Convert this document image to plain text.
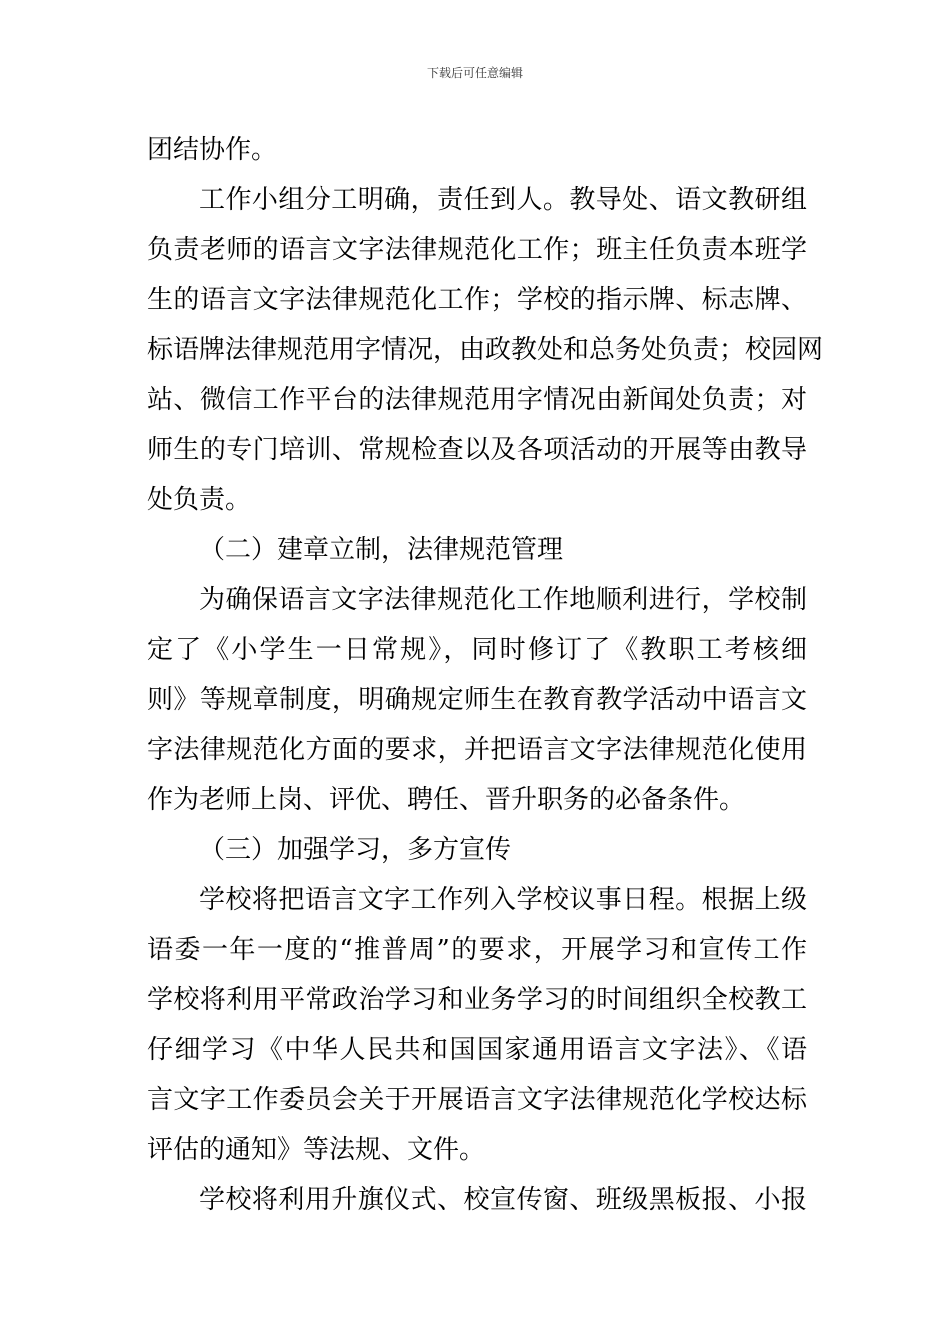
下载后可任意编辑
团结协作。
工作小组分工明确，责任到人。教导处、语文教研组
负责老师的语言文字法律规范化工作；班主任负责本班学
生的语言文字法律规范化工作；学校的指示牌、标志牌、
标语牌法律规范用字情况，由政教处和总务处负责；校园网
站、微信工作平台的法律规范用字情况由新闻处负责；对
师生的专门培训、常规检查以及各项活动的开展等由教导
处负责。
（二）建章立制，法律规范管理
为确保语言文字法律规范化工作地顺利进行，学校制
定了《小学生一日常规》，同时修订了《教职工考核细
则》等规章制度，明确规定师生在教育教学活动中语言文
字法律规范化方面的要求，并把语言文字法律规范化使用
作为老师上岗、评优、聘任、晋升职务的必备条件。
（三）加强学习，多方宣传
学校将把语言文字工作列入学校议事日程。根据上级
语委一年一度的“推普周”的要求，开展学习和宣传工作
学校将利用平常政治学习和业务学习的时间组织全校教工
仔细学习《中华人民共和国国家通用语言文字法》、《语
言文字工作委员会关于开展语言文字法律规范化学校达标
评估的通知》等法规、文件。
学校将利用升旗仪式、校宣传窗、班级黑板报、小报
